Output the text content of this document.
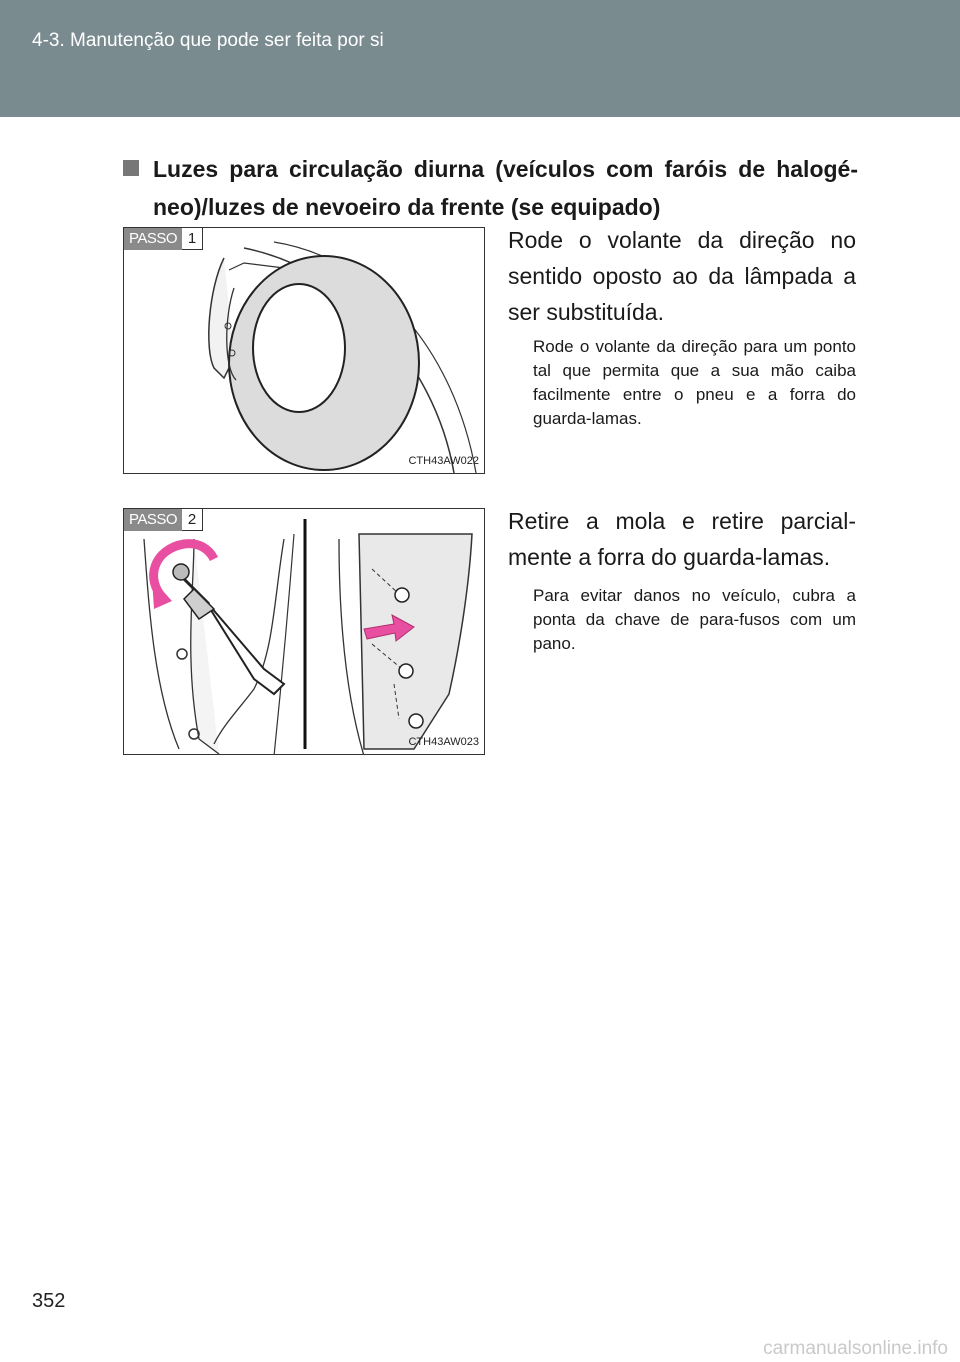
4-3. Manutenção que pode ser feita por si
Luzes para circulação diurna (veículos com faróis de halogé-neo)/luzes de nevoeiro da frente (se equipado)
PASSO 1
CTH43AW022
Rode o volante da direção no sentido oposto ao da lâmpada a ser substituída.
Rode o volante da direção para um ponto tal que permita que a sua mão caiba facilmente entre o pneu e a forra do guarda-lamas.
PASSO 2
CTH43AW023
Retire a mola e retire parcial-mente a forra do guarda-lamas.
Para evitar danos no veículo, cubra a ponta da chave de para-fusos com um pano.
352
carmanualsonline.info
